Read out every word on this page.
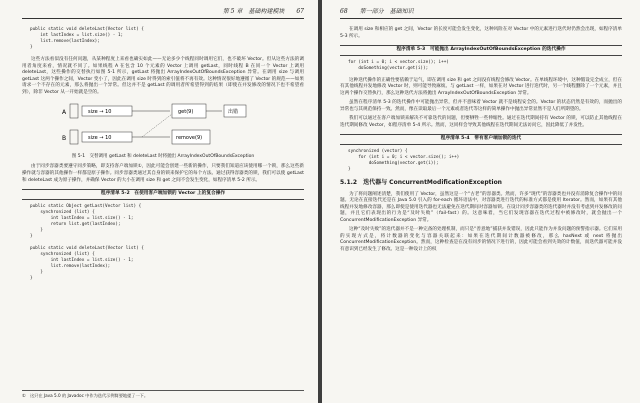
第 5 章　基础构建模块　　 67
public static void deleteLast(Vector list) {
int lastIndex = list.size() - 1;
list.remove(lastIndex);
}

这些方法看似没有任何问题，从某种程度上来看也确实如此——无论多少个线程同时调用它们，也不破坏 Vector。但从这些方法的调用者角度来看，情况就不同了。如果线程 A 在包含 10 个元素的 Vector 上调用 getLast，同时线程 B 在同一个 Vector 上调用 deleteLast，这些操作的交替执行如图 5-1 所示，getLast 将抛出 ArrayIndexOutOfBoundsException 异常。在调用 size 与调用 getLast 这两个操作之间，Vector 变小了，因此在调用 size 时得到的索引值将不再有效。这种情况很好地遵循了 Vector 的规范——如果请求一个不存在的元素，那么将抛出一个异常。但这并不是 getLast 的调用者所希望得到的结果（即使在并发修改的情况下也不希望看到），除非 Vector 从一开始就是空的。

A	size → 10	get(9)	出错
B	size → 10	remove(9)
图 5-1　交替调用 getLast 和 deleteLast 时将抛出 ArrayIndexOutOfBoundsException

由于同步容器类要遵守同步策略，即支持客户端加锁①，因此可能会创建一些新的操作，只要我们知道应该使用哪一个锁，那么这些新操作就与容器的其他操作一样都是原子操作。同步容器类通过其自身的锁来保护它的每个方法。通过获得容器类的锁，我们可以使 getLast 和 deleteLast 成为原子操作，并确保 Vector 的大小在调用 size 和 get 之间不会发生变化，如程序清单 5-2 所示。

程序清单 5-2　在使用客户端加锁的 Vector 上的复合操作
public static Object getLast(Vector list) {
synchronized (list) {
int lastIndex = list.size() - 1;
return list.get(lastIndex);
}
}
public static void deleteLast(Vector list) {
synchronized (list) {
int lastIndex = list.size() - 1;
list.remove(lastIndex);
}
}
①　这只在 Java 5.0 的 Javadoc 中作为迭代示例简要地提了一下。
68　　 第一部分　基础知识

在调用 size 和相应的 get 之间，Vector 的长度可能会发生变化，这种风险在对 Vector 中的元素进行迭代时仍然会出现，如程序清单 5-3 所示。

程序清单 5-3　可能抛出 ArrayIndexOutOfBoundsException 的迭代操作
for (int i = 0; i < vector.size(); i++)
doSomething(vector.get(i));

这种迭代操作的正确性要依赖于运气，即在调用 size 和 get 之间没有线程会修改 Vector。在单线程环境中，这种假设完全成立，但在有其他线程并发地修改 Vector 时，则可能导致麻烦。与 getLast 一样，如果在对 Vector 进行迭代时，另一个线程删除了一个元素，并且这两个操作交替执行，那么这种迭代方法将抛出 ArrayIndexOutOfBoundsException 异常。

虽然在程序清单 5-3 的迭代操作中可能抛出异常，但并不意味着 Vector 就不是线程安全的。Vector 的状态仍然是有效的，而抛出的异常也与其规范保持一致。然而，像在读取最后一个元素或者迭代等这样的简单操作中抛出异常显然不是人们所期望的。

我们可以通过在客户端加锁来解决不可靠迭代的问题，但要牺牲一些伸缩性。通过在迭代期间持有 Vector 的锁，可以防止其他线程在迭代期间修改 Vector，如程序清单 5-4 所示。然而，这同样会导致其他线程在迭代期间无法访问它，因此降低了并发性。

程序清单 5-4　带有客户端加锁的迭代
synchronized (vector) {
for (int i = 0; i < vector.size(); i++)
doSomething(vector.get(i));
}
5.1.2 迭代器与 ConcurrentModificationException

为了将问题阐述清楚，我们使用了 Vector，虽然这是一个“古老”的容器类。然而，许多“现代”的容器类也并没有消除复合操作中的问题。无论在直接迭代还是在 Java 5.0 引入的 for-each 循环语法中，对容器类进行迭代的标准方式都是使用 Iterator。然而，如果有其他线程并发地修改容器，那么即使是使用迭代器也无法避免在迭代期间对容器加锁。在设计同步容器类的迭代器时并没有考虑到并发修改的问题，并且它们表现出的行为是“及时失败”（fail-fast）的。这意味着，当它们发现容器在迭代过程中被修改时，就会抛出一个 ConcurrentModificationException 异常。

这种“及时失败”的迭代器并不是一种完备的处理机制，而只是“善意地”捕获并发错误，因此只能作为并发问题的预警指示器。它们采用的实现方式是，将计数器的变化与容器关联起来：如果在迭代期间计数器被修改，那么 hasNext 或 next 将抛出 ConcurrentModificationException。然而，这种检查是在没有同步的情况下进行的，因此可能会看到失效的计数值，而迭代器可能并没有意识到已经发生了修改。这是一种设计上的权
